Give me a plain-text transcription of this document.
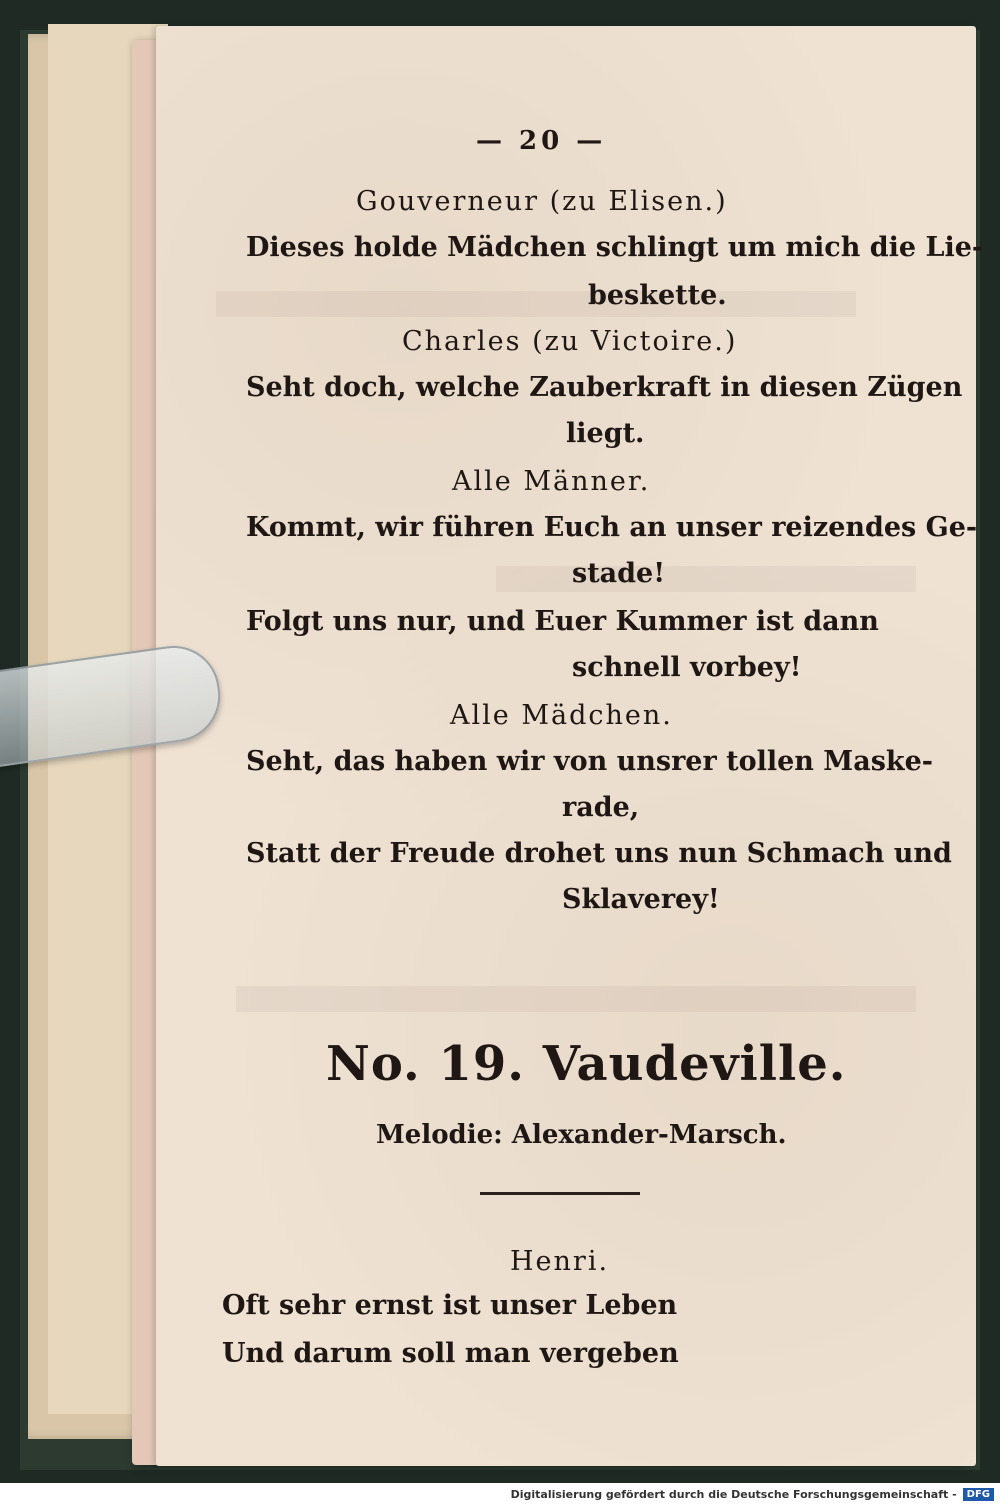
— 20 —
Gouverneur (zu Elisen.)
Dieses holde Mädchen schlingt um mich die Lie-
beskette.
Charles (zu Victoire.)
Seht doch, welche Zauberkraft in diesen Zügen
liegt.
Alle Männer.
Kommt, wir führen Euch an unser reizendes Ge-
stade!
Folgt uns nur, und Euer Kummer ist dann
schnell vorbey!
Alle Mädchen.
Seht, das haben wir von unsrer tollen Maske-
rade,
Statt der Freude drohet uns nun Schmach und
Sklaverey!
No. 19. Vaudeville.
Melodie: Alexander-Marsch.
Henri.
Oft sehr ernst ist unser Leben
Und darum soll man vergeben
Digitalisierung gefördert durch die Deutsche Forschungsgemeinschaft -	DFG
